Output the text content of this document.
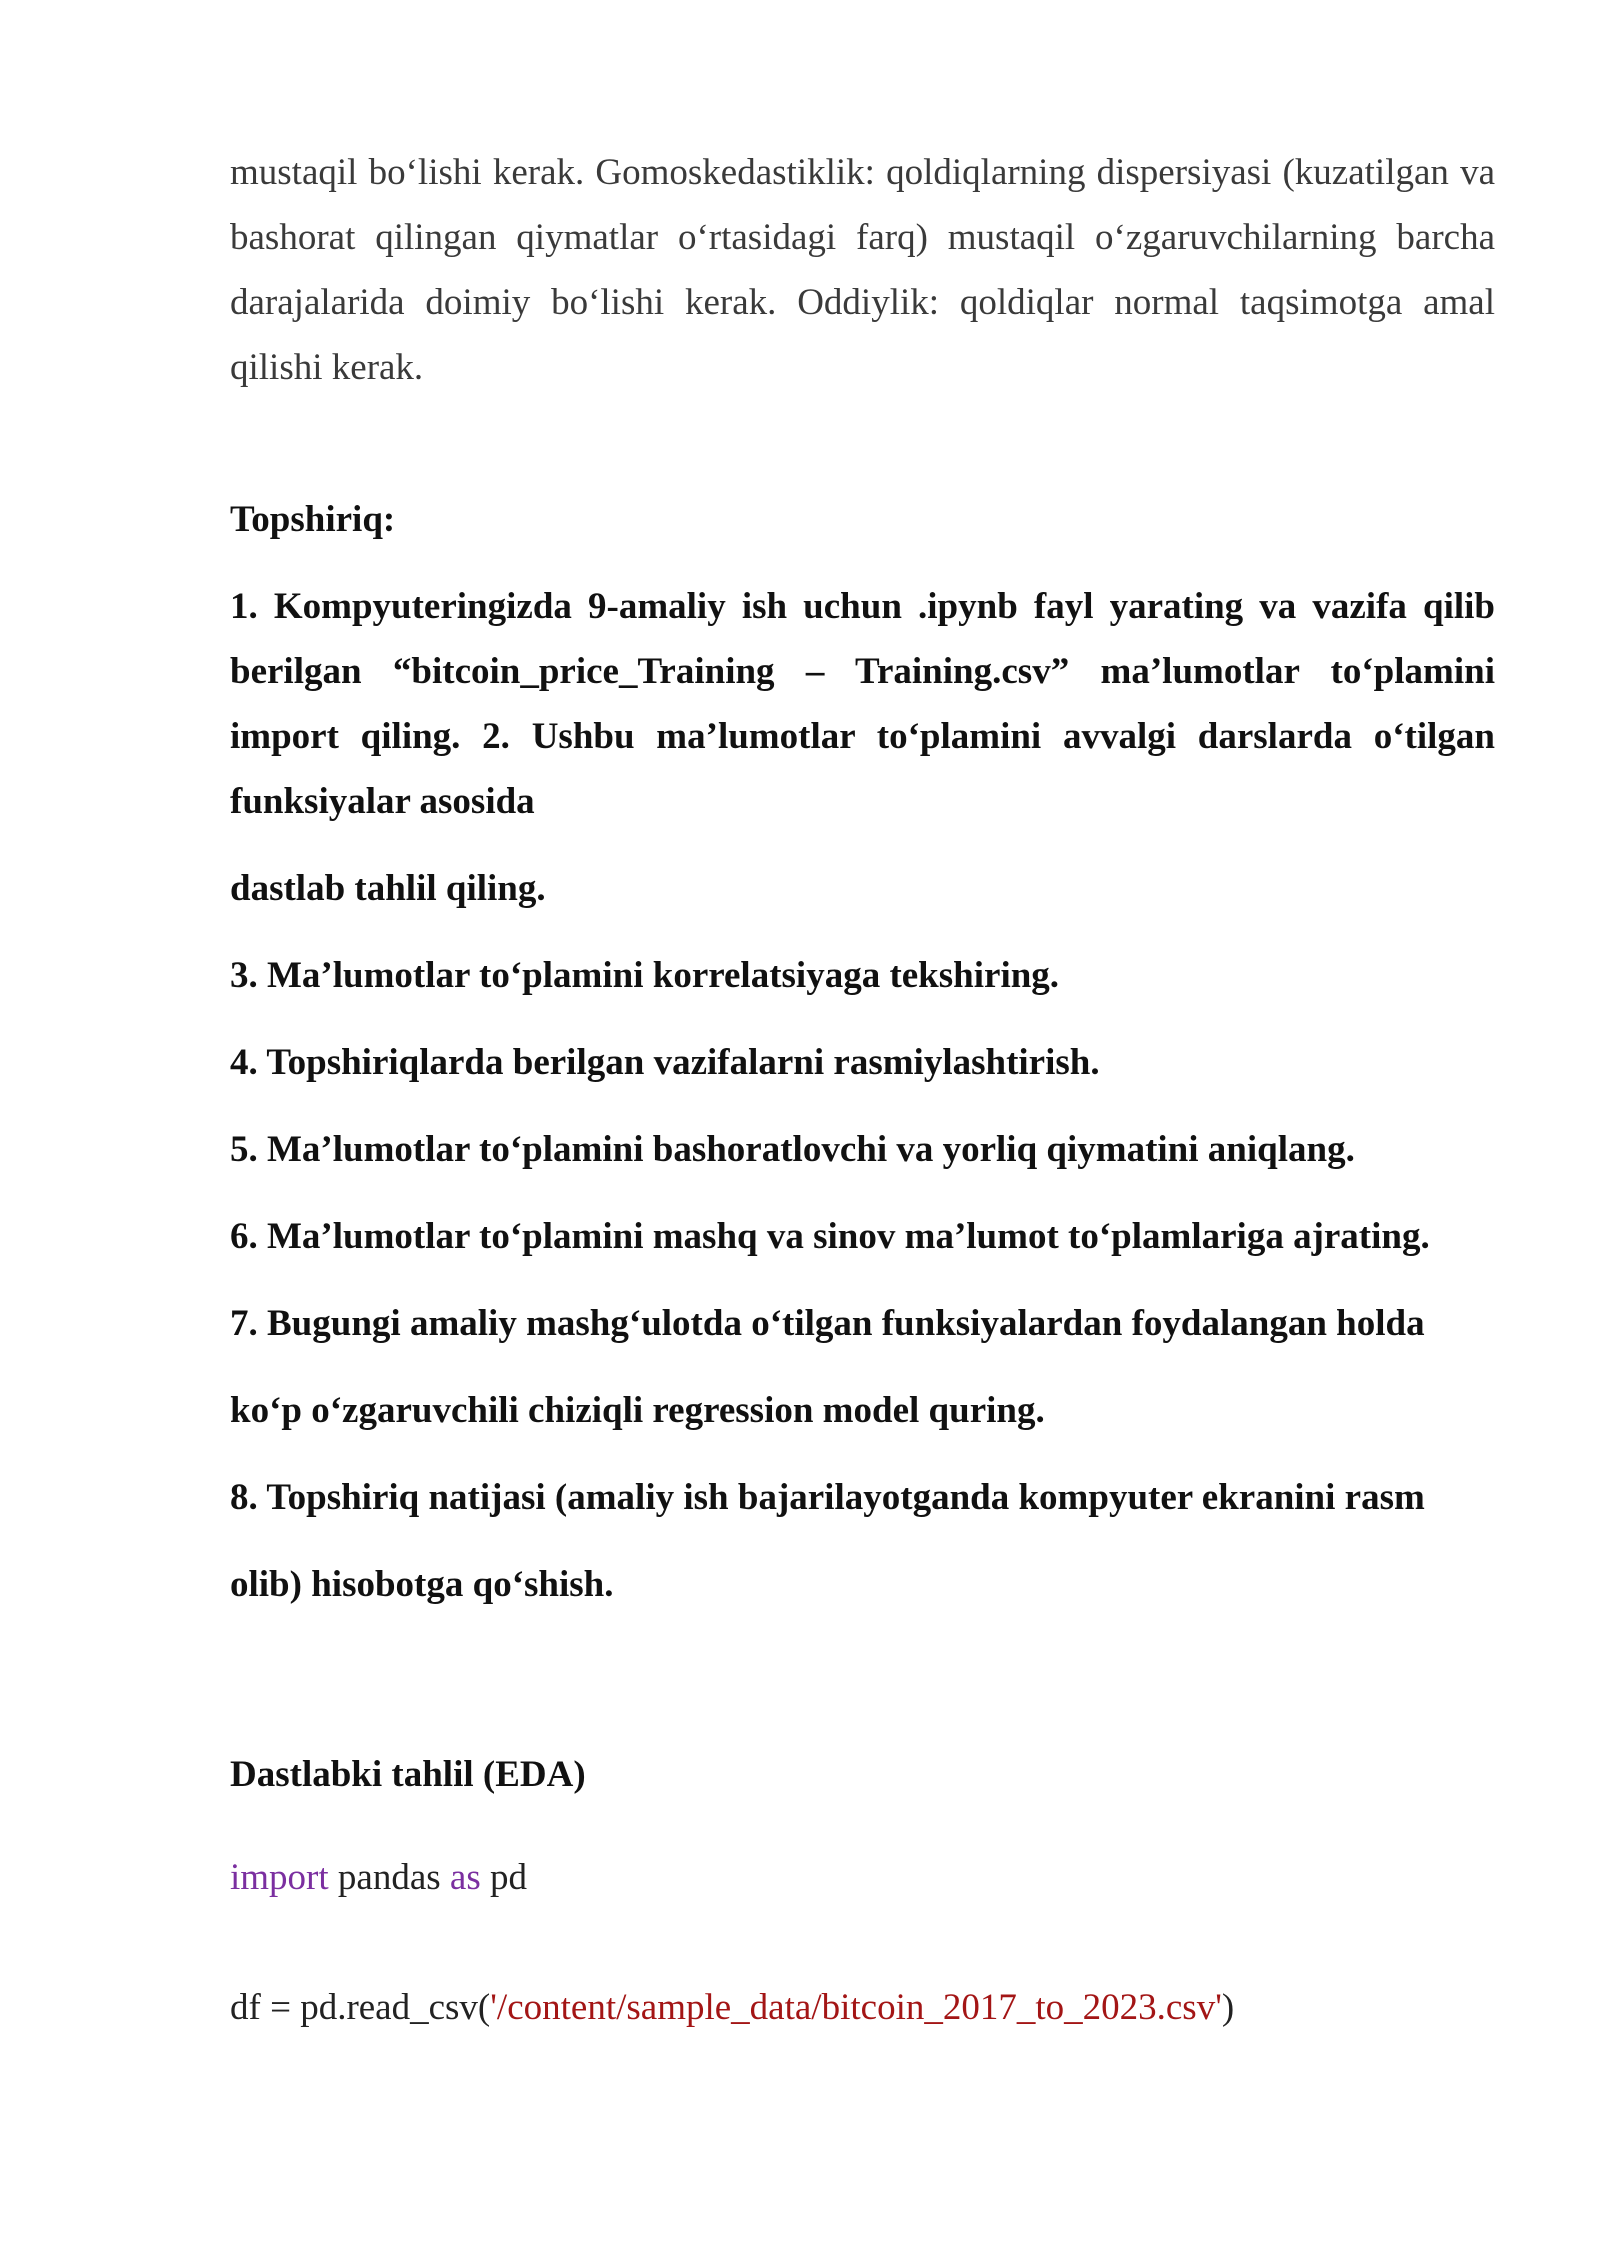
mustaqil bo‘lishi kerak. Gomoskedastiklik: qoldiqlarning dispersiyasi (kuzatilgan va bashorat qilingan qiymatlar o‘rtasidagi farq) mustaqil o‘zgaruvchilarning barcha darajalarida doimiy bo‘lishi kerak. Oddiylik: qoldiqlar normal taqsimotga amal qilishi kerak.

Topshiriq:

1. Kompyuteringizda 9-amaliy ish uchun .ipynb fayl yarating va vazifa qilib berilgan “bitcoin_price_Training – Training.csv” ma’lumotlar to‘plamini import qiling. 2. Ushbu ma’lumotlar to‘plamini avvalgi darslarda o‘tilgan funksiyalar asosida

dastlab tahlil qiling.

3. Ma’lumotlar to‘plamini korrelatsiyaga tekshiring.

4. Topshiriqlarda berilgan vazifalarni rasmiylashtirish.

5. Ma’lumotlar to‘plamini bashoratlovchi va yorliq qiymatini aniqlang.

6. Ma’lumotlar to‘plamini mashq va sinov ma’lumot to‘plamlariga ajrating.

7. Bugungi amaliy mashg‘ulotda o‘tilgan funksiyalardan foydalangan holda

ko‘p o‘zgaruvchili chiziqli regression model quring.

8. Topshiriq natijasi (amaliy ish bajarilayotganda kompyuter ekranini rasm

olib) hisobotga qo‘shish.

Dastlabki tahlil (EDA)

import pandas as pd

df = pd.read_csv('/content/sample_data/bitcoin_2017_to_2023.csv')
